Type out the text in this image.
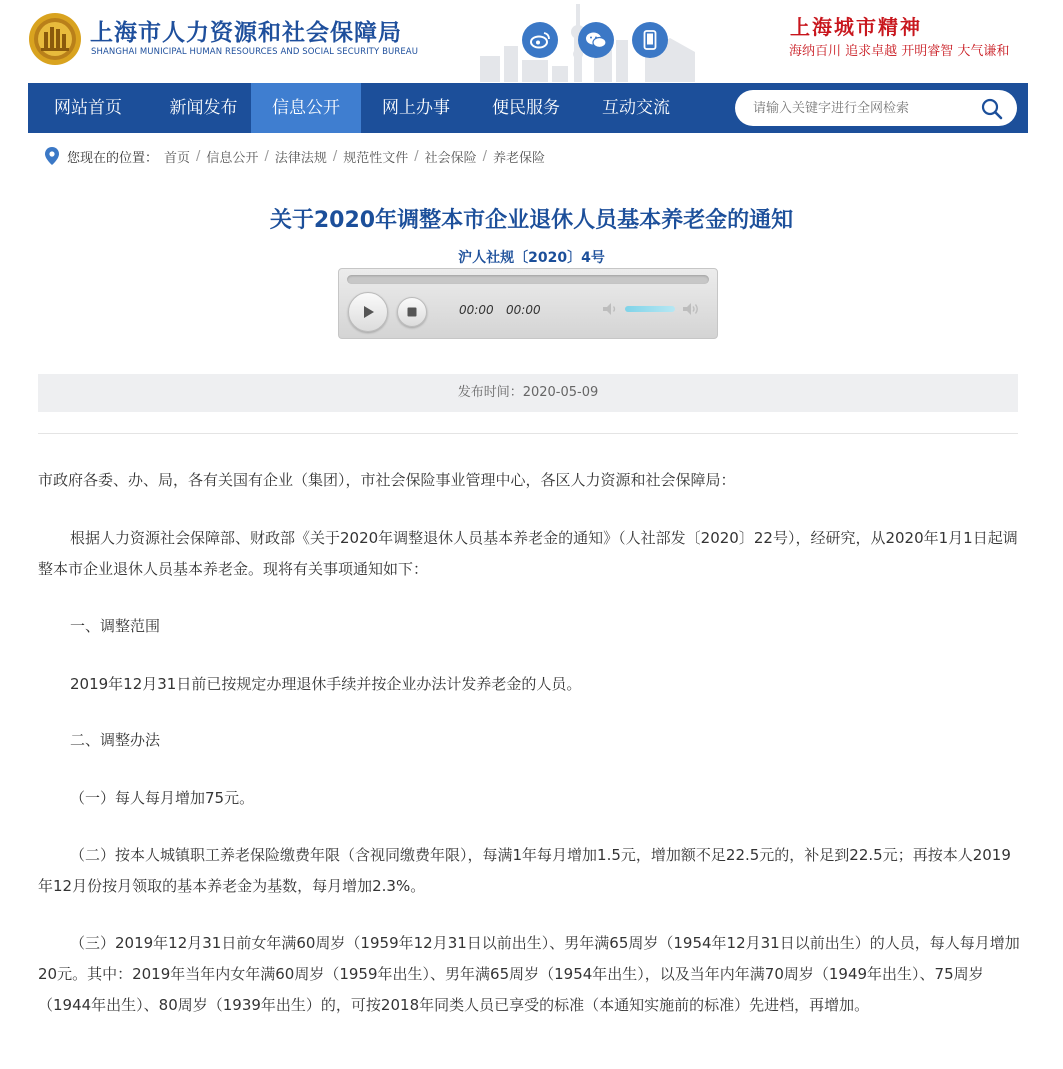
上海市人力资源和社会保障局
SHANGHAI MUNICIPAL HUMAN RESOURCES AND SOCIAL SECURITY BUREAU
上海城市精神
海纳百川 追求卓越 开明睿智 大气谦和
网站首页	新闻发布	信息公开	网上办事	便民服务	互动交流
请输入关键字进行全网检索
您现在的位置： 首页 / 信息公开 / 法律法规 / 规范性文件 / 社会保险 / 养老保险
关于2020年调整本市企业退休人员基本养老金的通知
沪人社规〔2020〕4号
00:00 00:00
发布时间：2020-05-09

市政府各委、办、局，各有关国有企业（集团），市社会保险事业管理中心，各区人力资源和社会保障局：

根据人力资源社会保障部、财政部《关于2020年调整退休人员基本养老金的通知》（人社部发〔2020〕22号），经研究，从2020年1月1日起调整本市企业退休人员基本养老金。现将有关事项通知如下：

一、调整范围

2019年12月31日前已按规定办理退休手续并按企业办法计发养老金的人员。

二、调整办法

（一）每人每月增加75元。

（二）按本人城镇职工养老保险缴费年限（含视同缴费年限），每满1年每月增加1.5元，增加额不足22.5元的，补足到22.5元；再按本人2019年12月份按月领取的基本养老金为基数，每月增加2.3%。

（三）2019年12月31日前女年满60周岁（1959年12月31日以前出生）、男年满65周岁（1954年12月31日以前出生）的人员，每人每月增加20元。其中：2019年当年内女年满60周岁（1959年出生）、男年满65周岁（1954年出生），以及当年内年满70周岁（1949年出生）、75周岁（1944年出生）、80周岁（1939年出生）的，可按2018年同类人员已享受的标准（本通知实施前的标准）先进档，再增加。
